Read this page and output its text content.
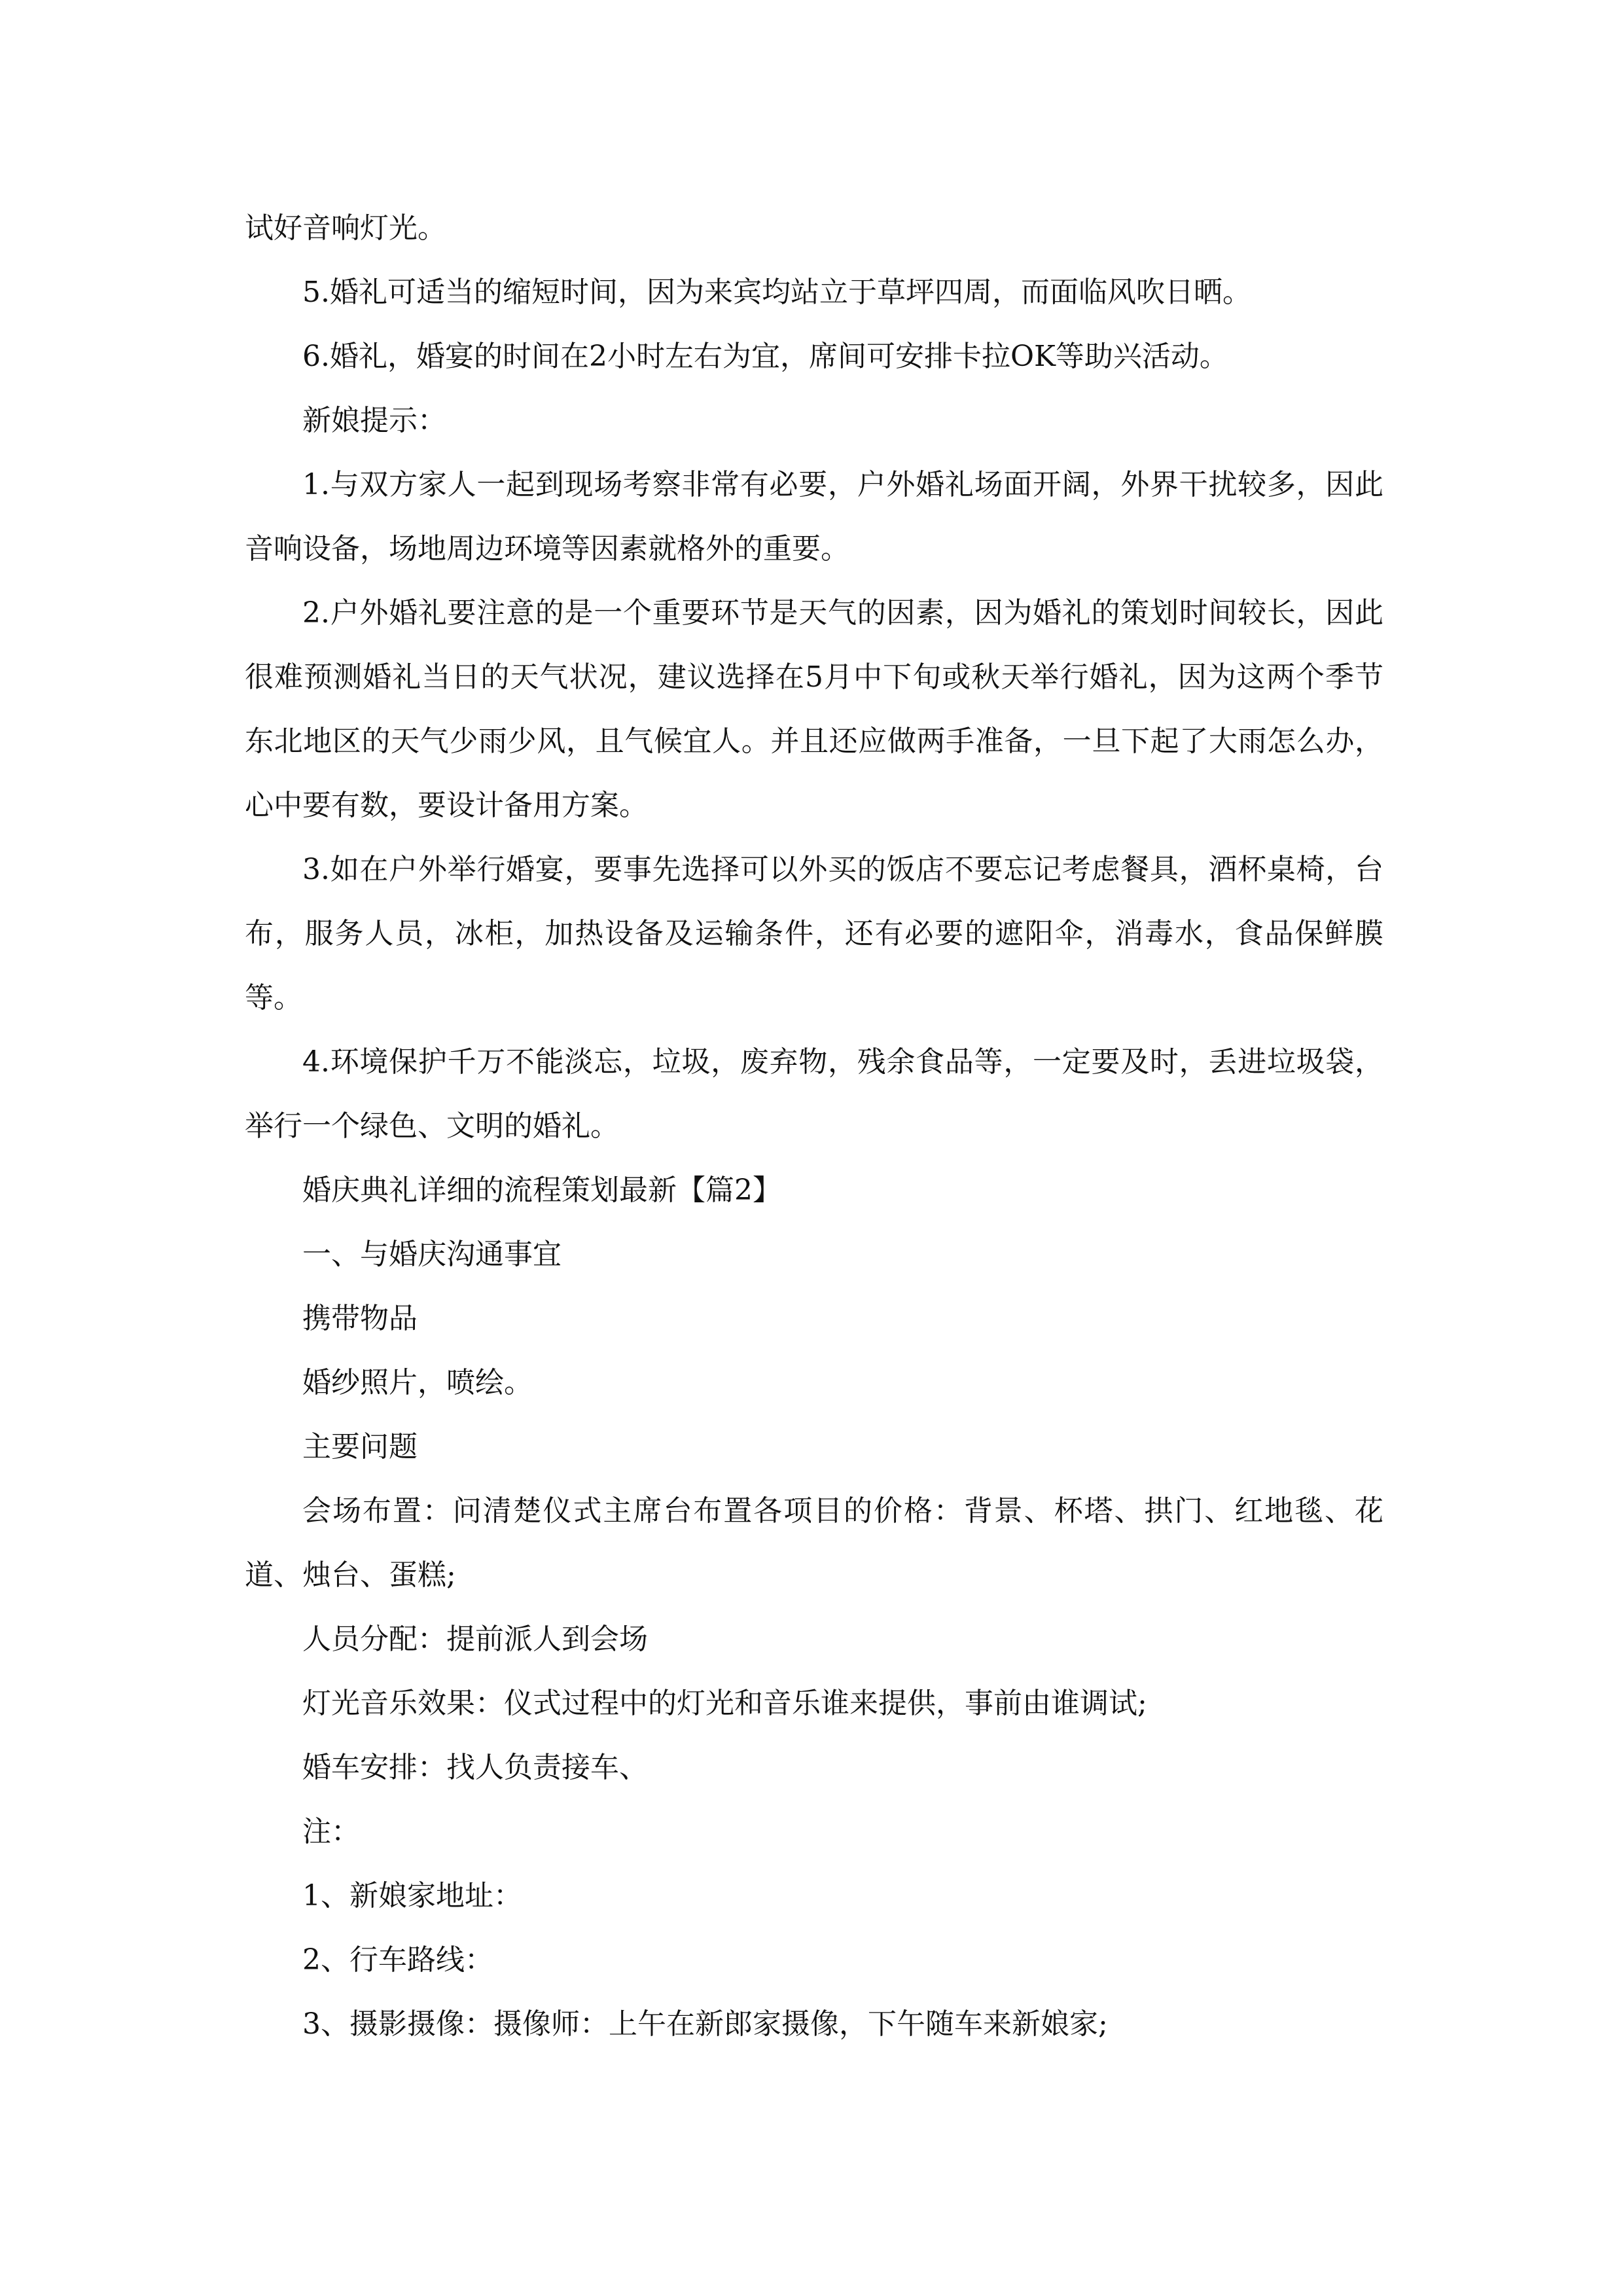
试好音响灯光。

5.婚礼可适当的缩短时间，因为来宾均站立于草坪四周，而面临风吹日晒。

6.婚礼，婚宴的时间在2小时左右为宜，席间可安排卡拉OK等助兴活动。

新娘提示：

1.与双方家人一起到现场考察非常有必要，户外婚礼场面开阔，外界干扰较多，因此音响设备，场地周边环境等因素就格外的重要。

2.户外婚礼要注意的是一个重要环节是天气的因素，因为婚礼的策划时间较长，因此很难预测婚礼当日的天气状况，建议选择在5月中下旬或秋天举行婚礼，因为这两个季节东北地区的天气少雨少风，且气候宜人。并且还应做两手准备，一旦下起了大雨怎么办，心中要有数，要设计备用方案。

3.如在户外举行婚宴，要事先选择可以外买的饭店不要忘记考虑餐具，酒杯桌椅，台布，服务人员，冰柜，加热设备及运输条件，还有必要的遮阳伞，消毒水，食品保鲜膜等。

4.环境保护千万不能淡忘，垃圾，废弃物，残余食品等，一定要及时，丢进垃圾袋，举行一个绿色、文明的婚礼。

婚庆典礼详细的流程策划最新【篇2】

一、与婚庆沟通事宜

携带物品

婚纱照片，喷绘。

主要问题

会场布置：问清楚仪式主席台布置各项目的价格：背景、杯塔、拱门、红地毯、花道、烛台、蛋糕;

人员分配：提前派人到会场

灯光音乐效果：仪式过程中的灯光和音乐谁来提供，事前由谁调试;

婚车安排：找人负责接车、

注：

1、新娘家地址：

2、行车路线：

3、摄影摄像：摄像师：上午在新郎家摄像，下午随车来新娘家;
